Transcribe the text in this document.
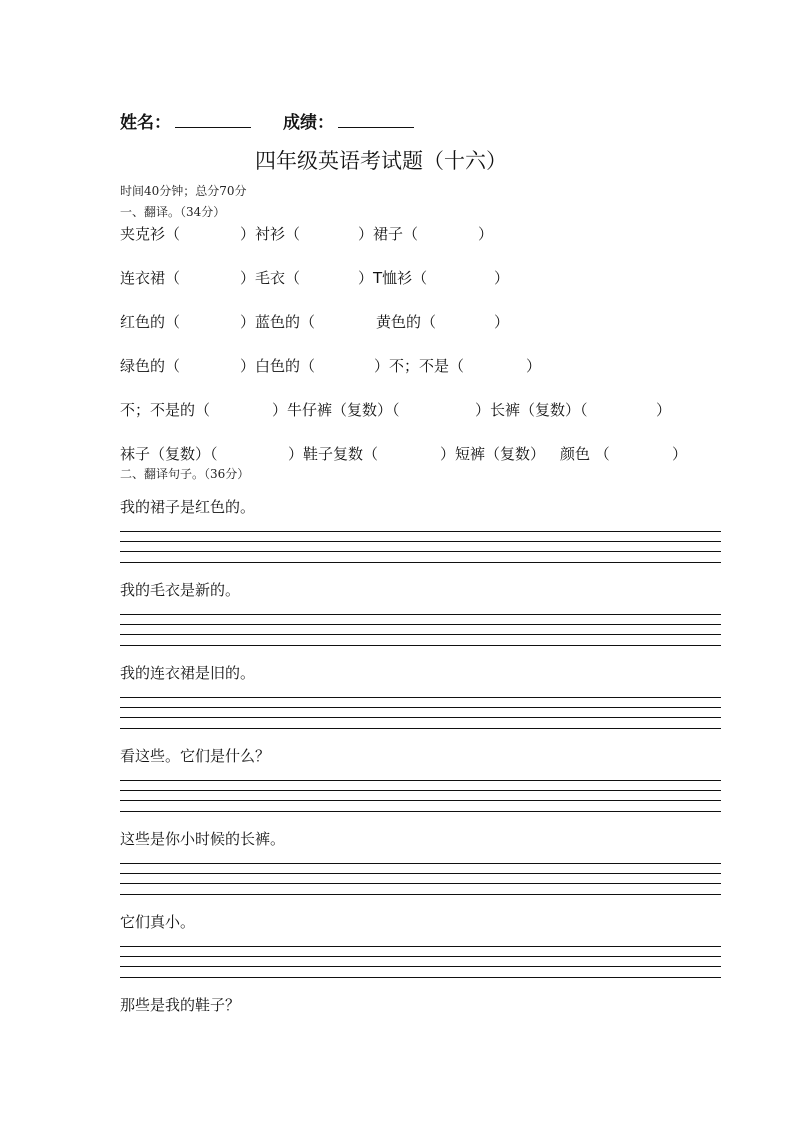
姓名：	成绩：
四年级英语考试题（十六）
时间40分钟；总分70分
一、翻译。（34分）
夹克衫（	）衬衫（	）裙子（	）
连衣裙（	）毛衣（	）T恤衫（	）
红色的（	）蓝色的（	黄色的（	）
绿色的（	）白色的（	）不；不是（	）
不；不是的（	）牛仔裤（复数）（	）长裤（复数）（	）
袜子（复数）（	）鞋子复数（	）短裤（复数） 颜色 （	）
二、翻译句子。（36分）
我的裙子是红色的。
我的毛衣是新的。
我的连衣裙是旧的。
看这些。它们是什么？
这些是你小时候的长裤。
它们真小。
那些是我的鞋子？
